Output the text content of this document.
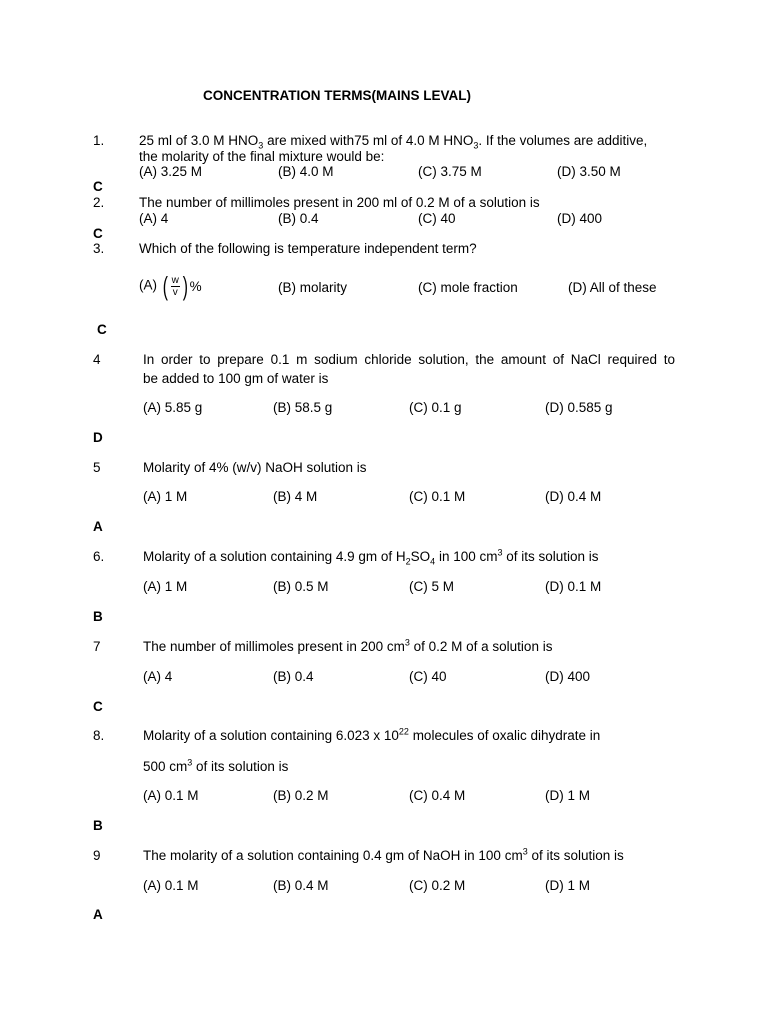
CONCENTRATION TERMS(MAINS LEVAL)
1.	25 ml of 3.0 M $HNO_3$ are mixed with75 ml of 4.0 M $HNO_3$. If the volumes are additive,
the molarity of the final mixture would be:
(A) 3.25 M	(B) 4.0 M	(C) 3.75 M	(D) 3.50 M
C
2.	The number of millimoles present in 200 ml of 0.2 M of a solution is
(A) 4	(B) 0.4	(C) 40	(D) 400
C
3.	Which of the following is temperature independent term?
(A) ( $\frac{w}{v}$ ) %	(B) molarity	(C) mole fraction	(D) All of these
C
4	In order to prepare 0.1 m sodium chloride solution, the amount of NaCl required to
be added to 100 gm of water is
(A) 5.85 g	(B) 58.5 g	(C) 0.1 g	(D) 0.585 g
D
5	Molarity of 4% (w/v) NaOH solution is
(A) 1 M	(B) 4 M	(C) 0.1 M	(D) 0.4 M
A
6.	Molarity of a solution containing 4.9 gm of $H_2SO_4$ in 100 $cm^3$ of its solution is
(A) 1 M	(B) 0.5 M	(C) 5 M	(D) 0.1 M
B
7	The number of millimoles present in 200 $cm^3$ of 0.2 M of a solution is
(A) 4	(B) 0.4	(C) 40	(D) 400
C
8.	Molarity of a solution containing 6.023 x $10^{22}$ molecules of oxalic dihydrate in
500 $cm^3$ of its solution is
(A) 0.1 M	(B) 0.2 M	(C) 0.4 M	(D) 1 M
B
9	The molarity of a solution containing 0.4 gm of NaOH in 100 $cm^3$ of its solution is
(A) 0.1 M	(B) 0.4 M	(C) 0.2 M	(D) 1 M
A
